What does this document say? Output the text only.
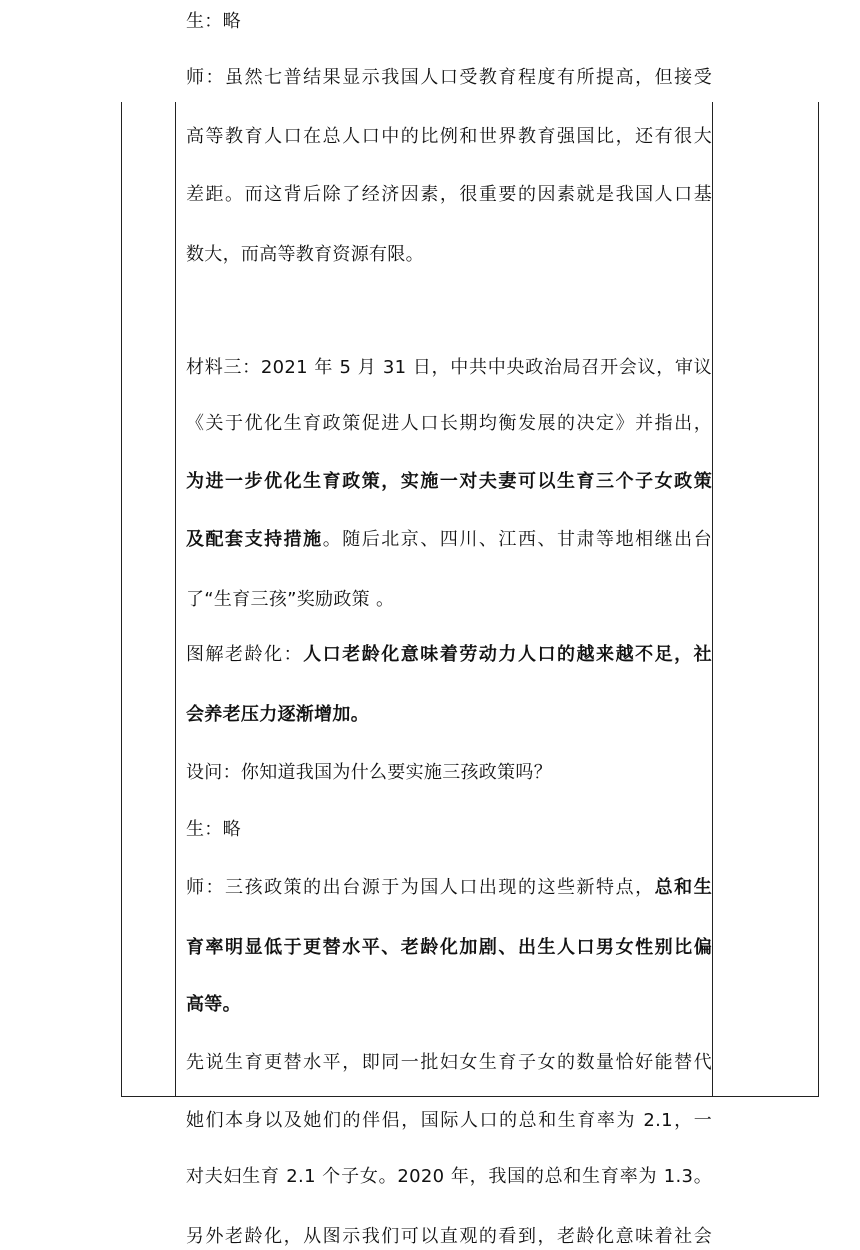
生：略
师：虽然七普结果显示我国人口受教育程度有所提高，但接受
高等教育人口在总人口中的比例和世界教育强国比，还有很大
差距。而这背后除了经济因素，很重要的因素就是我国人口基
数大，而高等教育资源有限。
材料三：2021 年 5 月 31 日，中共中央政治局召开会议，审议
《关于优化生育政策促进人口长期均衡发展的决定》并指出，
为进一步优化生育政策，实施一对夫妻可以生育三个子女政策
及配套支持措施。随后北京、四川、江西、甘肃等地相继出台
了“生育三孩”奖励政策 。
图解老龄化：人口老龄化意味着劳动力人口的越来越不足，社
会养老压力逐渐增加。
设问：你知道我国为什么要实施三孩政策吗？
生：略
师：三孩政策的出台源于为国人口出现的这些新特点，总和生
育率明显低于更替水平、老龄化加剧、出生人口男女性别比偏
高等。
先说生育更替水平，即同一批妇女生育子女的数量恰好能替代
她们本身以及她们的伴侣，国际人口的总和生育率为 2.1，一
对夫妇生育 2.1 个子女。2020 年，我国的总和生育率为 1.3。
另外老龄化，从图示我们可以直观的看到，老龄化意味着社会
